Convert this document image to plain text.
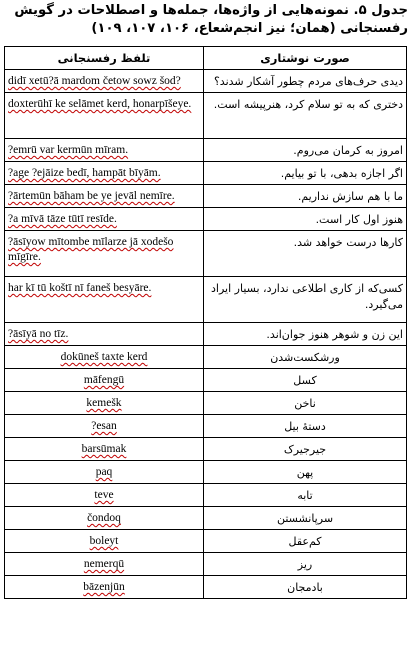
جدول ۵. نمونه‌هایی از واژه‌ها، جمله‌ها و اصطلاحات در گویش رفسنجانی (همان؛ نیز انجم‌شعاع، ۱۰۶، ۱۰۷، ۱۰۹)
تلفظ رفسنجانی	صورت نوشتاری
didī xetū?ā mardom četow sowz šod?	دیدی حرف‌های مردم چطور آشکار شدند؟
doxterūhī ke selāmet kerd, honarpīšeye.	دختری که به تو سلام کرد، هنرپیشه است.
?emrū var kermūn mīram.	امروز به کرمان می‌روم.
?age ?ejāize bedī, hampāt bīyām.	اگر اجازه بدهی، با تو بیایم.
?ārtemūn bāham be ye jevāl nemīre.	ما با هم سازش نداریم.
?a mīvā tāze tūtī resīde.	هنوز اول کار است.
?āsīyow mītombe mīlarze jā xodešo mīgīre.	کارها درست خواهد شد.
har kī tū koštī nī faneš besyāre.	کسی‌که از کاری اطلاعی ندارد، بسیار ایراد می‌گیرد.
?āsīyā no tīz.	این زن و شوهر هنوز جوان‌اند.
dokūneš taxte kerd	ورشکست‌شدن
māfengū	کسل
kemešk	ناخن
?esan	دستهٔ بیل
barsūmak	جیرجیرک
paq	پهن
teve	تابه
čondoq	سرپانشستن
boleyt	کم‌عقل
nemerqū	ریز
bāzenjūn	بادمجان
